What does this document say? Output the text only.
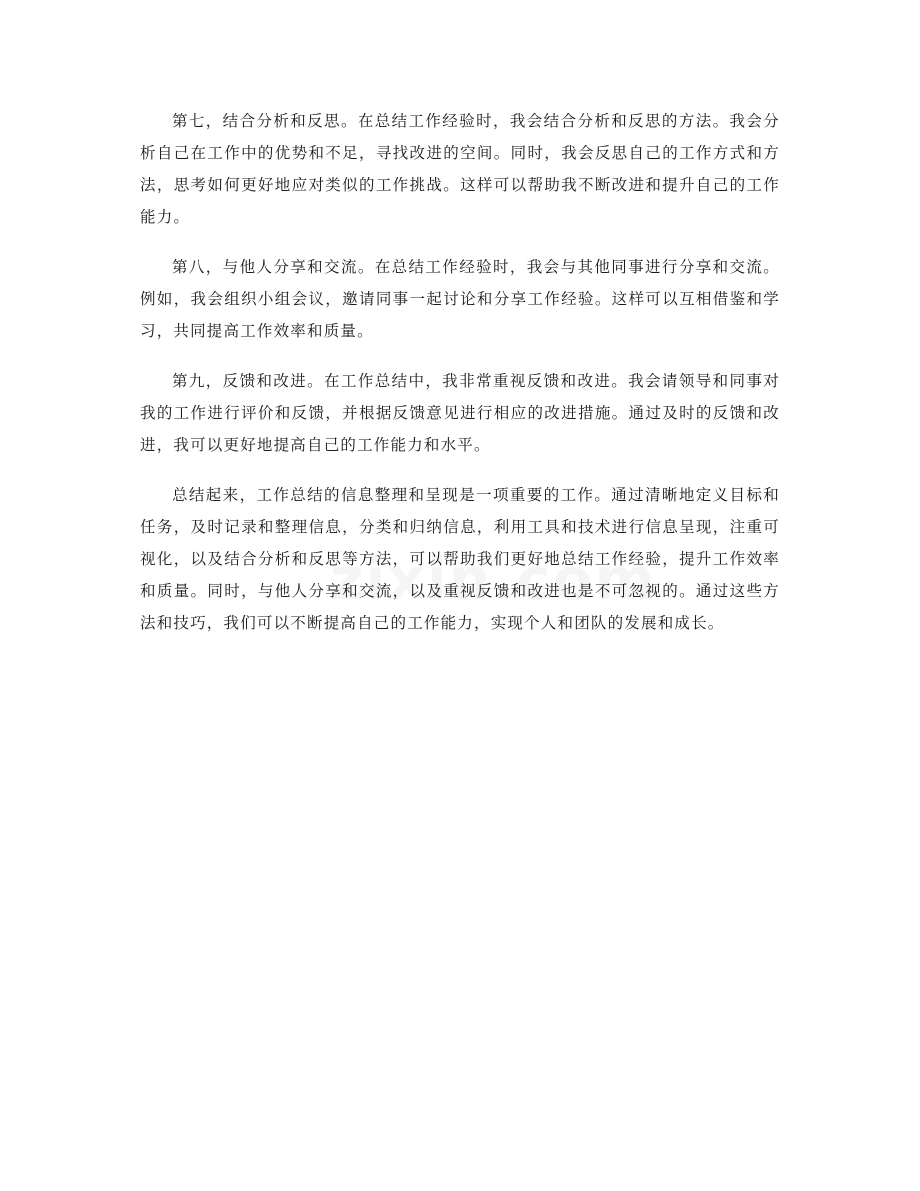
第七，结合分析和反思。在总结工作经验时，我会结合分析和反思的方法。我会分析自己在工作中的优势和不足，寻找改进的空间。同时，我会反思自己的工作方式和方法，思考如何更好地应对类似的工作挑战。这样可以帮助我不断改进和提升自己的工作能力。

第八，与他人分享和交流。在总结工作经验时，我会与其他同事进行分享和交流。例如，我会组织小组会议，邀请同事一起讨论和分享工作经验。这样可以互相借鉴和学习，共同提高工作效率和质量。

第九，反馈和改进。在工作总结中，我非常重视反馈和改进。我会请领导和同事对我的工作进行评价和反馈，并根据反馈意见进行相应的改进措施。通过及时的反馈和改进，我可以更好地提高自己的工作能力和水平。

总结起来，工作总结的信息整理和呈现是一项重要的工作。通过清晰地定义目标和任务，及时记录和整理信息，分类和归纳信息，利用工具和技术进行信息呈现，注重可视化，以及结合分析和反思等方法，可以帮助我们更好地总结工作经验，提升工作效率和质量。同时，与他人分享和交流，以及重视反馈和改进也是不可忽视的。通过这些方法和技巧，我们可以不断提高自己的工作能力，实现个人和团队的发展和成长。
